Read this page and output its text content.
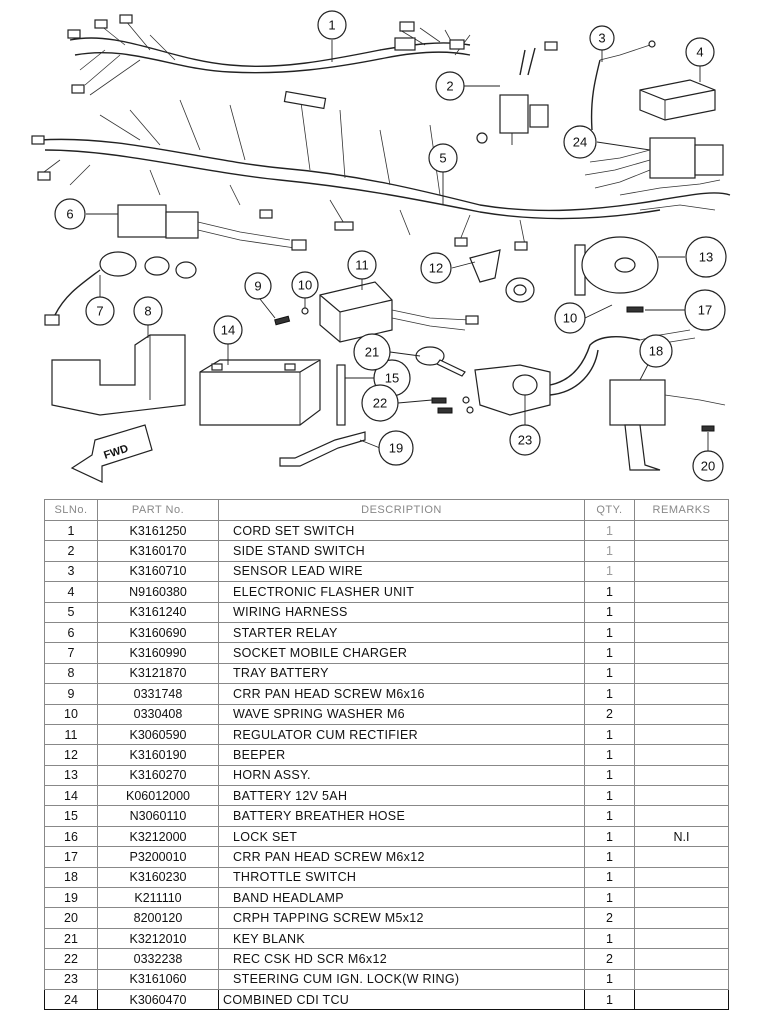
FWD
1
2
3
4
24
5
6
7	8
9	10
11	12
13
10
17
14
15
21	18
22
23
19
20
SLNo.	PART No.	DESCRIPTION	QTY.	REMARKS
1	K3161250	CORD SET SWITCH	1	
2	K3160170	SIDE STAND SWITCH	1	
3	K3160710	SENSOR LEAD WIRE	1	
4	N9160380	ELECTRONIC FLASHER UNIT	1	
5	K3161240	WIRING HARNESS	1	
6	K3160690	STARTER RELAY	1	
7	K3160990	SOCKET MOBILE CHARGER	1	
8	K3121870	TRAY BATTERY	1	
9	0331748	CRR PAN HEAD SCREW M6x16	1	
10	0330408	WAVE SPRING WASHER M6	2	
11	K3060590	REGULATOR CUM RECTIFIER	1	
12	K3160190	BEEPER	1	
13	K3160270	HORN ASSY.	1	
14	K06012000	BATTERY 12V 5AH	1	
15	N3060110	BATTERY BREATHER HOSE	1	
16	K3212000	LOCK SET	1	N.I
17	P3200010	CRR PAN HEAD SCREW M6x12	1	
18	K3160230	THROTTLE SWITCH	1	
19	K211110	BAND HEADLAMP	1	
20	8200120	CRPH TAPPING SCREW M5x12	2	
21	K3212010	KEY BLANK	1	
22	0332238	REC CSK HD SCR M6x12	2	
23	K3161060	STEERING CUM IGN. LOCK(W RING)	1	
24	K3060470	COMBINED CDI TCU	1	
